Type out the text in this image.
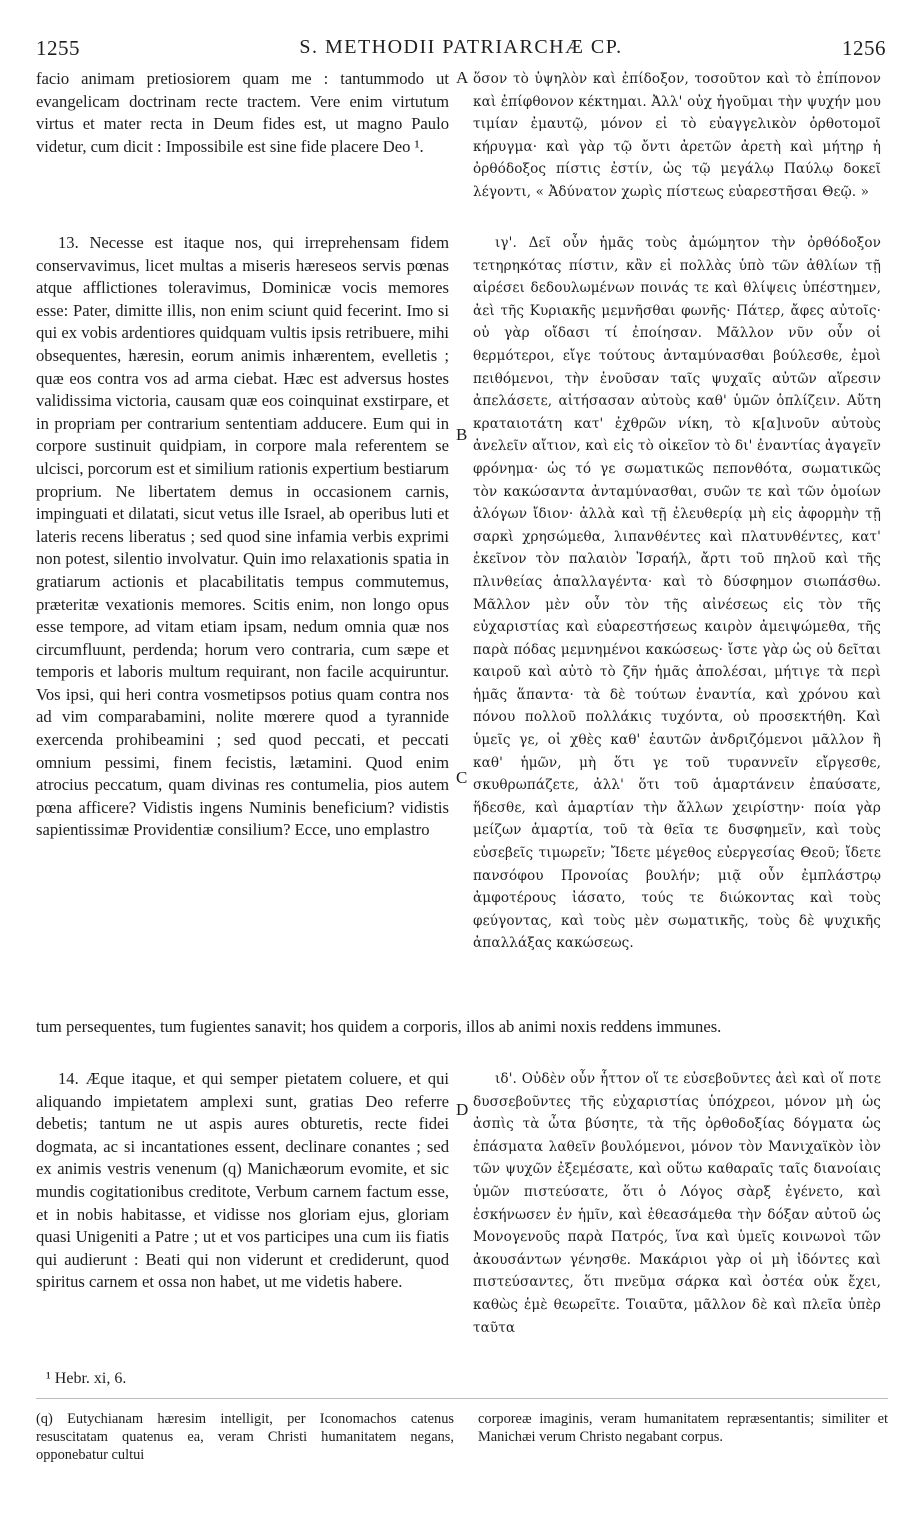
1255	S. METHODII PATRIARCHÆ CP.	1256

facio animam pretiosiorem quam me : tantummodo ut evangelicam doctrinam recte tractem. Vere enim virtutum virtus et mater recta in Deum fides est, ut magno Paulo videtur, cum dicit : Impossibile est sine fide placere Deo ¹.

13. Necesse est itaque nos, qui irreprehensam fidem conservavimus, licet multas a miseris hæreseos servis pœnas atque afflictiones toleravimus, Dominicæ vocis memores esse: Pater, dimitte illis, non enim sciunt quid fecerint. Imo si qui ex vobis ardentiores quidquam vultis ipsis retribuere, mihi obsequentes, hæresin, eorum animis inhærentem, evelletis ; quæ eos contra vos ad arma ciebat. Hæc est adversus hostes validissima victoria, causam quæ eos coinquinat exstirpare, et in propriam per contrarium sententiam adducere. Eum qui in corpore sustinuit quidpiam, in corpore mala referentem se ulcisci, porcorum est et similium rationis expertium bestiarum proprium. Ne libertatem demus in occasionem carnis, impinguati et dilatati, sicut vetus ille Israel, ab operibus luti et lateris recens liberatus ; sed quod sine infamia verbis exprimi non potest, silentio involvatur. Quin imo relaxationis spatia in gratiarum actionis et placabilitatis tempus commutemus, præteritæ vexationis memores. Scitis enim, non longo opus esse tempore, ad vitam etiam ipsam, nedum omnia quæ nos circumfluunt, perdenda; horum vero contraria, cum sæpe et temporis et laboris multum requirant, non facile acquiruntur. Vos ipsi, qui heri contra vosmetipsos potius quam contra nos ad vim comparabamini, nolite mœrere quod a tyrannide exercenda prohibeamini ; sed quod peccati, et peccati omnium pessimi, finem fecistis, lætamini. Quod enim atrocius peccatum, quam divinas res contumelia, pios autem pœna afficere? Vidistis ingens Numinis beneficium? vidistis sapientissimæ Providentiæ consilium? Ecce, uno emplastro

ὅσον τὸ ὑψηλὸν καὶ ἐπίδοξον, τοσοῦτον καὶ τὸ ἐπίπονον καὶ ἐπίφθονον κέκτημαι. Ἀλλ' οὐχ ἡγοῦμαι τὴν ψυχήν μου τιμίαν ἐμαυτῷ, μόνον εἰ τὸ εὐαγγελικὸν ὀρθοτομοῖ κήρυγμα· καὶ γὰρ τῷ ὄντι ἀρετῶν ἀρετὴ καὶ μήτηρ ἡ ὀρθόδοξος πίστις ἐστίν, ὡς τῷ μεγάλῳ Παύλῳ δοκεῖ λέγοντι, « Ἀδύνατον χωρὶς πίστεως εὐαρεστῆσαι Θεῷ. »

ιγ'. Δεῖ οὖν ἡμᾶς τοὺς ἀμώμητον τὴν ὀρθόδοξον τετηρηκότας πίστιν, κἂν εἰ πολλὰς ὑπὸ τῶν ἀθλίων τῇ αἱρέσει δεδουλωμένων ποινάς τε καὶ θλίψεις ὑπέστημεν, ἀεὶ τῆς Κυριακῆς μεμνῆσθαι φωνῆς· Πάτερ, ἄφες αὐτοῖς· οὐ γὰρ οἴδασι τί ἐποίησαν. Μᾶλλον νῦν οὖν οἱ θερμότεροι, εἴγε τούτους ἀνταμύνασθαι βούλεσθε, ἐμοὶ πειθόμενοι, τὴν ἐνοῦσαν ταῖς ψυχαῖς αὐτῶν αἵρεσιν ἀπελάσετε, αἰτήσασαν αὐτοὺς καθ' ὑμῶν ὁπλίζειν. Αὕτη κραταιοτάτη κατ' ἐχθρῶν νίκη, τὸ κ[α]ινοῦν αὐτοὺς ἀνελεῖν αἴτιον, καὶ εἰς τὸ οἰκεῖον τὸ δι' ἐναντίας ἀγαγεῖν φρόνημα· ὡς τό γε σωματικῶς πεπονθότα, σωματικῶς τὸν κακώσαντα ἀνταμύνασθαι, συῶν τε καὶ τῶν ὁμοίων ἀλόγων ἴδιον· ἀλλὰ καὶ τῇ ἐλευθερίᾳ μὴ εἰς ἀφορμὴν τῇ σαρκὶ χρησώμεθα, λιπανθέντες καὶ πλατυνθέντες, κατ' ἐκεῖνον τὸν παλαιὸν Ἰσραήλ, ἄρτι τοῦ πηλοῦ καὶ τῆς πλινθείας ἀπαλλαγέντα· καὶ τὸ δύσφημον σιωπάσθω. Μᾶλλον μὲν οὖν τὸν τῆς αἰνέσεως εἰς τὸν τῆς εὐχαριστίας καὶ εὐαρεστήσεως καιρὸν ἀμειψώμεθα, τῆς παρὰ πόδας μεμνημένοι κακώσεως· ἴστε γὰρ ὡς οὐ δεῖται καιροῦ καὶ αὐτὸ τὸ ζῆν ἡμᾶς ἀπολέσαι, μήτιγε τὰ περὶ ἡμᾶς ἅπαντα· τὰ δὲ τούτων ἐναντία, καὶ χρόνου καὶ πόνου πολλοῦ πολλάκις τυχόντα, οὐ προσεκτήθη. Καὶ ὑμεῖς γε, οἱ χθὲς καθ' ἑαυτῶν ἀνδριζόμενοι μᾶλλον ἢ καθ' ἡμῶν, μὴ ὅτι γε τοῦ τυραννεῖν εἴργεσθε, σκυθρωπάζετε, ἀλλ' ὅτι τοῦ ἁμαρτάνειν ἐπαύσατε, ἥδεσθε, καὶ ἁμαρτίαν τὴν ἄλλων χειρίστην· ποία γὰρ μείζων ἁμαρτία, τοῦ τὰ θεῖα τε δυσφημεῖν, καὶ τοὺς εὐσεβεῖς τιμωρεῖν; Ἴδετε μέγεθος εὐεργεσίας Θεοῦ; ἴδετε πανσόφου Προνοίας βουλήν; μιᾷ οὖν ἐμπλάστρῳ ἀμφοτέρους ἰάσατο, τούς τε διώκοντας καὶ τοὺς φεύγοντας, καὶ τοὺς μὲν σωματικῆς, τοὺς δὲ ψυχικῆς ἀπαλλάξας κακώσεως.

tum persequentes, tum fugientes sanavit; hos quidem a corporis, illos ab animi noxis reddens immunes.

14. Æque itaque, et qui semper pietatem coluere, et qui aliquando impietatem amplexi sunt, gratias Deo referre debetis; tantum ne ut aspis aures obturetis, recte fidei dogmata, ac si incantationes essent, declinare conantes ; sed ex animis vestris venenum (q) Manichæorum evomite, et sic mundis cogitationibus creditote, Verbum carnem factum esse, et in nobis habitasse, et vidisse nos gloriam ejus, gloriam quasi Unigeniti a Patre ; ut et vos participes una cum iis fiatis qui audierunt : Beati qui non viderunt et crediderunt, quod spiritus carnem et ossa non habet, ut me videtis habere.

ιδ'. Οὐδὲν οὖν ἧττον οἵ τε εὐσεβοῦντες ἀεὶ καὶ οἵ ποτε δυσσεβοῦντες τῆς εὐχαριστίας ὑπόχρεοι, μόνον μὴ ὡς ἀσπὶς τὰ ὦτα βύσητε, τὰ τῆς ὀρθοδοξίας δόγματα ὡς ἐπάσματα λαθεῖν βουλόμενοι, μόνον τὸν Μανιχαϊκὸν ἰὸν τῶν ψυχῶν ἐξεμέσατε, καὶ οὕτω καθαραῖς ταῖς διανοίαις ὑμῶν πιστεύσατε, ὅτι ὁ Λόγος σὰρξ ἐγένετο, καὶ ἐσκήνωσεν ἐν ἡμῖν, καὶ ἐθεασάμεθα τὴν δόξαν αὐτοῦ ὡς Μονογενοῦς παρὰ Πατρός, ἵνα καὶ ὑμεῖς κοινωνοὶ τῶν ἀκουσάντων γένησθε. Μακάριοι γὰρ οἱ μὴ ἰδόντες καὶ πιστεύσαντες, ὅτι πνεῦμα σάρκα καὶ ὀστέα οὐκ ἔχει, καθὼς ἐμὲ θεωρεῖτε. Τοιαῦτα, μᾶλλον δὲ καὶ πλεῖα ὑπὲρ ταῦτα

A
B
C
D
¹ Hebr. xi, 6.
(q) Eutychianam hæresim intelligit, per Iconomachos catenus resuscitatam quatenus ea, veram Christi humanitatem negans, opponebatur cultui
corporeæ imaginis, veram humanitatem repræsentantis; similiter et Manichæi verum Christo negabant corpus.
